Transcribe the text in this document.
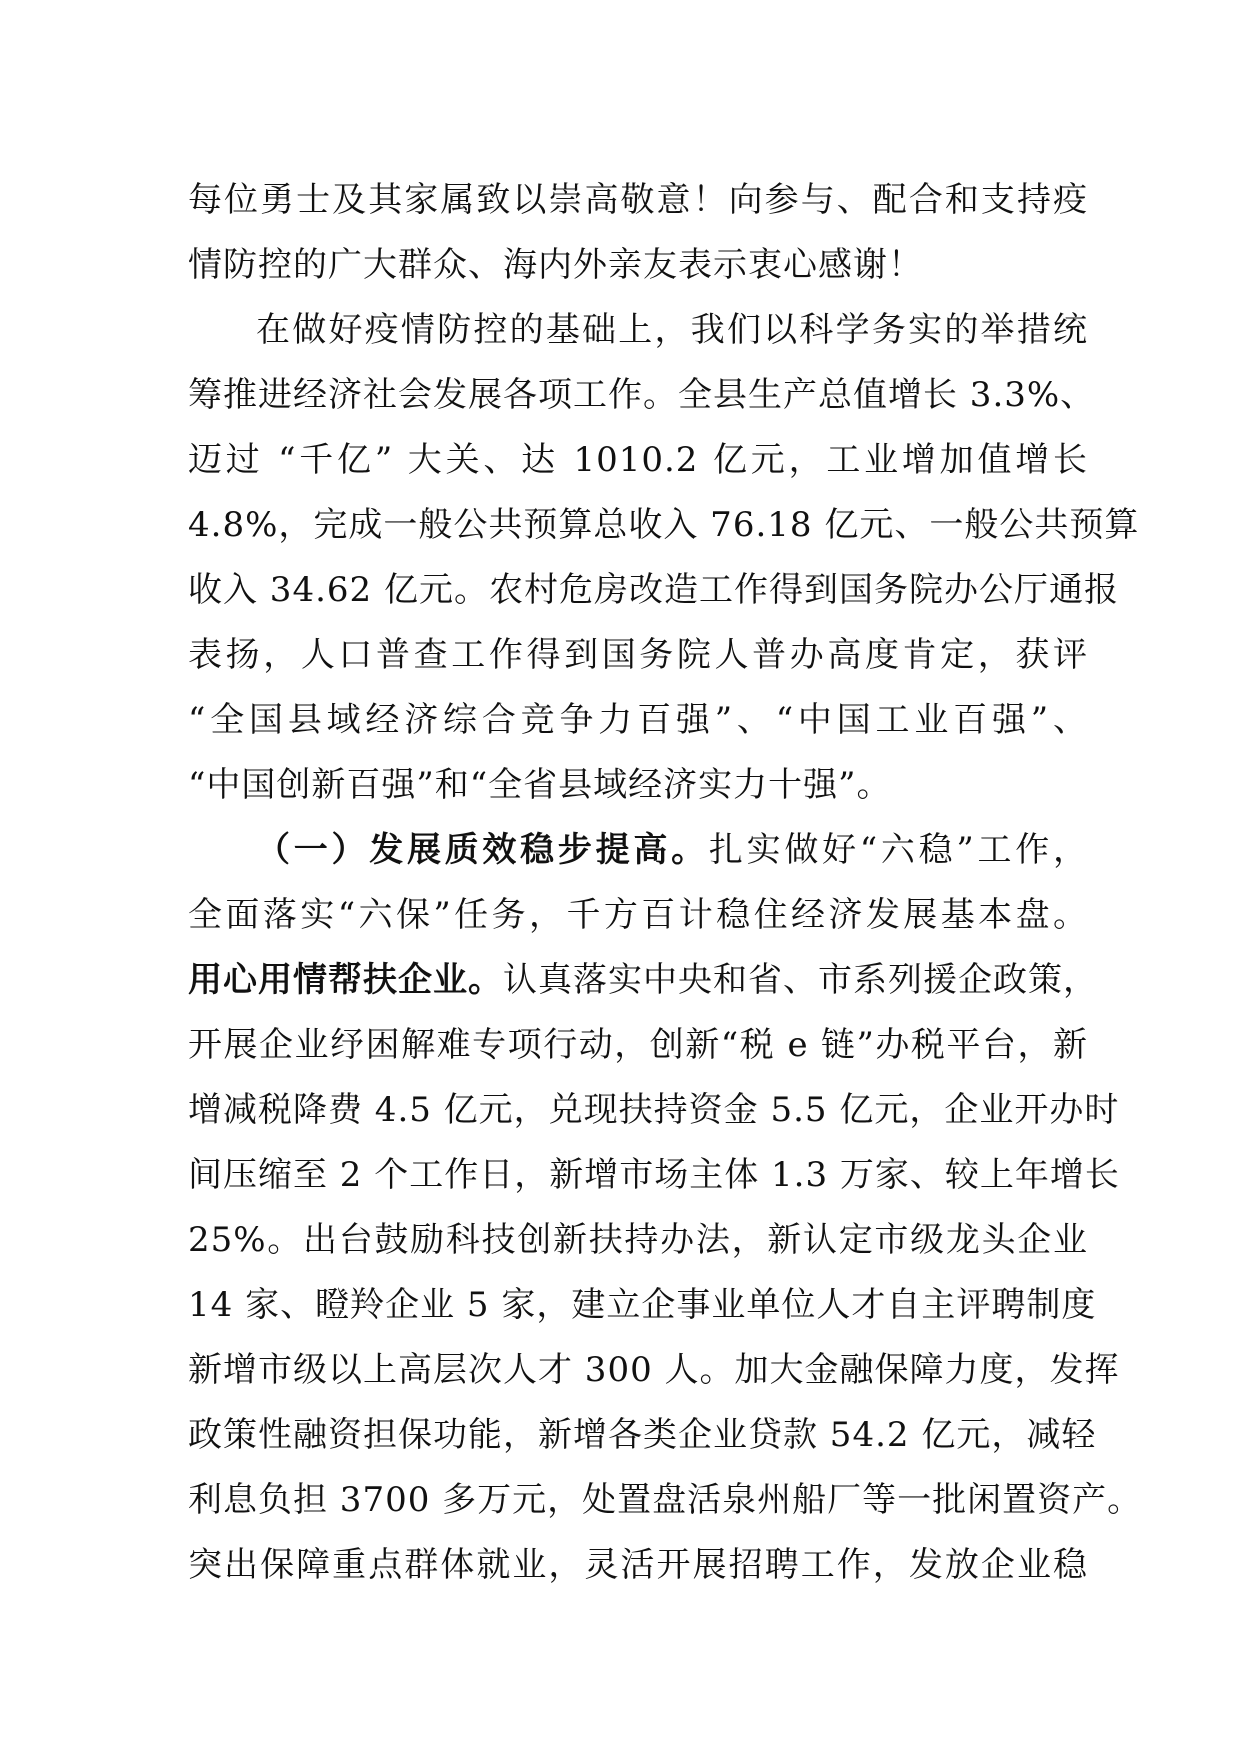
每位勇士及其家属致以崇高敬意！向参与、配合和支持疫
情防控的广大群众、海内外亲友表示衷心感谢！
在做好疫情防控的基础上，我们以科学务实的举措统
筹推进经济社会发展各项工作。全县生产总值增长 3.3%、
迈过 “千亿” 大关、达 1010.2 亿元，工业增加值增长
4.8%，完成一般公共预算总收入 76.18 亿元、一般公共预算
收入 34.62 亿元。农村危房改造工作得到国务院办公厅通报
表扬，人口普查工作得到国务院人普办高度肯定，获评
“全国县域经济综合竞争力百强”、“中国工业百强”、
“中国创新百强”和“全省县域经济实力十强”。
（一）发展质效稳步提高。扎实做好“六稳”工作，
全面落实“六保”任务，千方百计稳住经济发展基本盘。
用心用情帮扶企业。认真落实中央和省、市系列援企政策，
开展企业纾困解难专项行动，创新“税 e 链”办税平台，新
增减税降费 4.5 亿元，兑现扶持资金 5.5 亿元，企业开办时
间压缩至 2 个工作日，新增市场主体 1.3 万家、较上年增长
25%。出台鼓励科技创新扶持办法，新认定市级龙头企业
14 家、瞪羚企业 5 家，建立企事业单位人才自主评聘制度
新增市级以上高层次人才 300 人。加大金融保障力度，发挥
政策性融资担保功能，新增各类企业贷款 54.2 亿元，减轻
利息负担 3700 多万元，处置盘活泉州船厂等一批闲置资产。
突出保障重点群体就业，灵活开展招聘工作，发放企业稳
